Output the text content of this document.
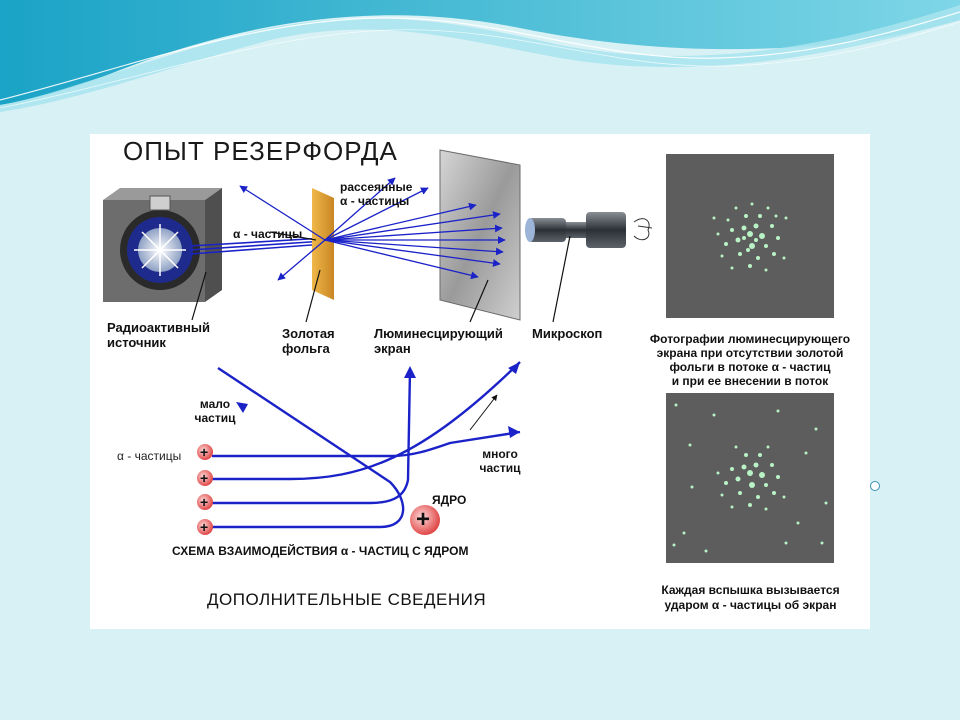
ОПЫТ РЕЗЕРФОРДА
+
+
+
+	+
рассеянные
α - частицы
α - частицы
Радиоактивный
источник
Золотая
фольга
Люминесцирующий
экран
Микроскоп	Фотографии люминесцирующего
экрана при отсутствии золотой
фольги в потоке α - частиц
и при ее внесении в поток
Каждая вспышка вызывается
ударом α - частицы об экран
мало
частиц
много
частиц
α - частицы
ЯДРО
СХЕМА ВЗАИМОДЕЙСТВИЯ α - ЧАСТИЦ С ЯДРОМ
ДОПОЛНИТЕЛЬНЫЕ СВЕДЕНИЯ
